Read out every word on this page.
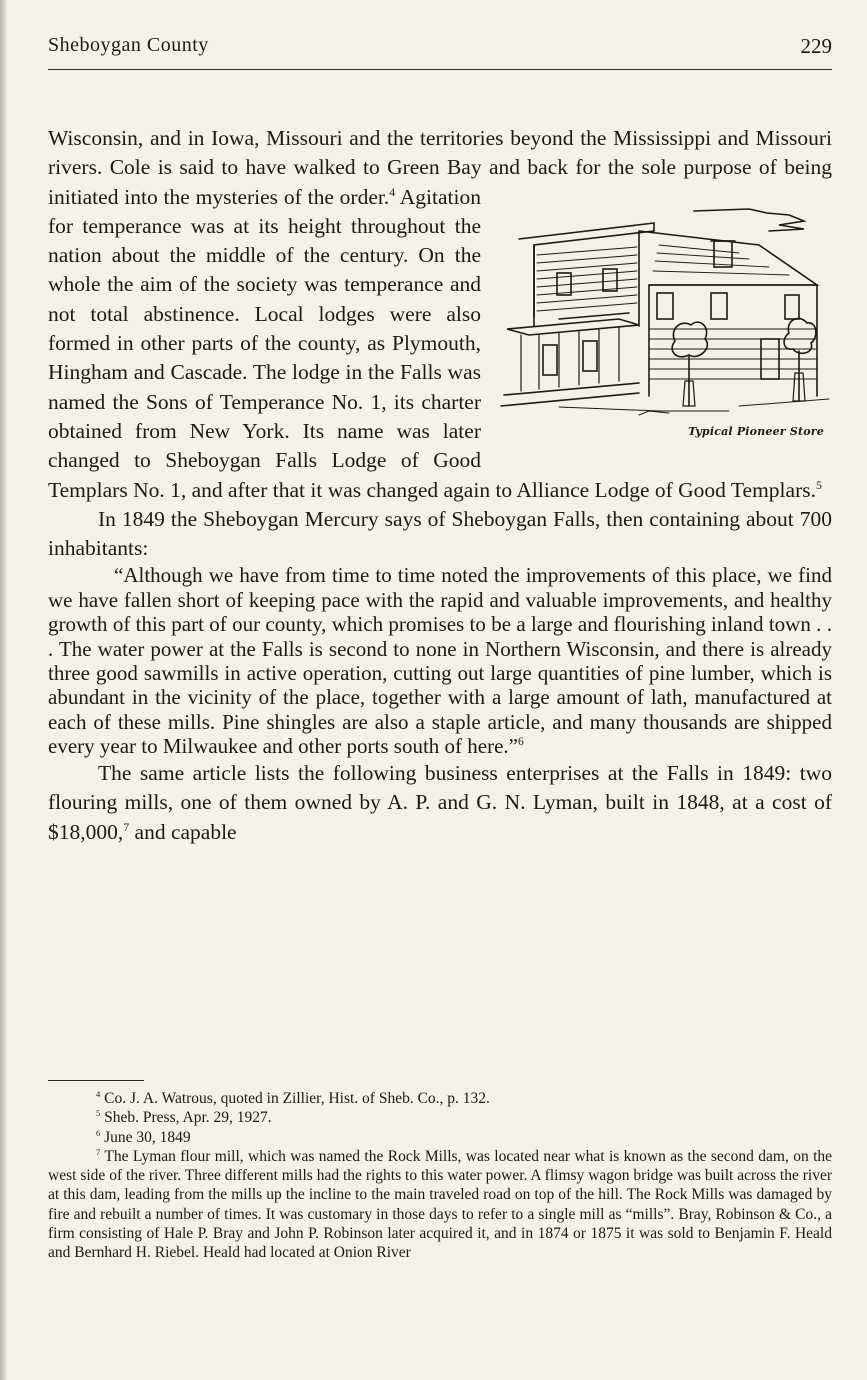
Sheboygan County	229

Wisconsin, and in Iowa, Missouri and the territories beyond the Mississippi and Missouri rivers. Cole is said to have walked to Green Bay and back for the sole purpose of being initiated into the mysteries of the order.$^4$
Typical Pioneer Store
Agitation for temperance was at its height throughout the nation about the middle of the century. On the whole the aim of the society was temperance and not total abstinence. Local lodges were also formed in other parts of the county, as Plymouth, Hingham and Cascade. The lodge in the Falls was named the Sons of Temperance No. 1, its charter obtained from New York. Its name was later changed to Sheboygan Falls Lodge of Good Templars No. 1, and after that it was changed again to Alliance Lodge of Good Templars.$^5$

In 1849 the Sheboygan Mercury says of Sheboygan Falls, then containing about 700 inhabitants:

“Although we have from time to time noted the improvements of this place, we find we have fallen short of keeping pace with the rapid and valuable improvements, and healthy growth of this part of our county, which promises to be a large and flourishing inland town . . . The water power at the Falls is second to none in Northern Wisconsin, and there is already three good sawmills in active operation, cutting out large quantities of pine lumber, which is abundant in the vicinity of the place, together with a large amount of lath, manufactured at each of these mills. Pine shingles are also a staple article, and many thousands are shipped every year to Milwaukee and other ports south of here.”$^6$

The same article lists the following business enterprises at the Falls in 1849: two flouring mills, one of them owned by A. P. and G. N. Lyman, built in 1848, at a cost of $18,000,$^7$ and capable

$^4$ Co. J. A. Watrous, quoted in Zillier, Hist. of Sheb. Co., p. 132.

$^5$ Sheb. Press, Apr. 29, 1927.

$^6$ June 30, 1849

$^7$ The Lyman flour mill, which was named the Rock Mills, was located near what is known as the second dam, on the west side of the river. Three different mills had the rights to this water power. A flimsy wagon bridge was built across the river at this dam, leading from the mills up the incline to the main traveled road on top of the hill. The Rock Mills was damaged by fire and rebuilt a number of times. It was customary in those days to refer to a single mill as “mills”. Bray, Robinson & Co., a firm consisting of Hale P. Bray and John P. Robinson later acquired it, and in 1874 or 1875 it was sold to Benjamin F. Heald and Bernhard H. Riebel. Heald had located at Onion River
